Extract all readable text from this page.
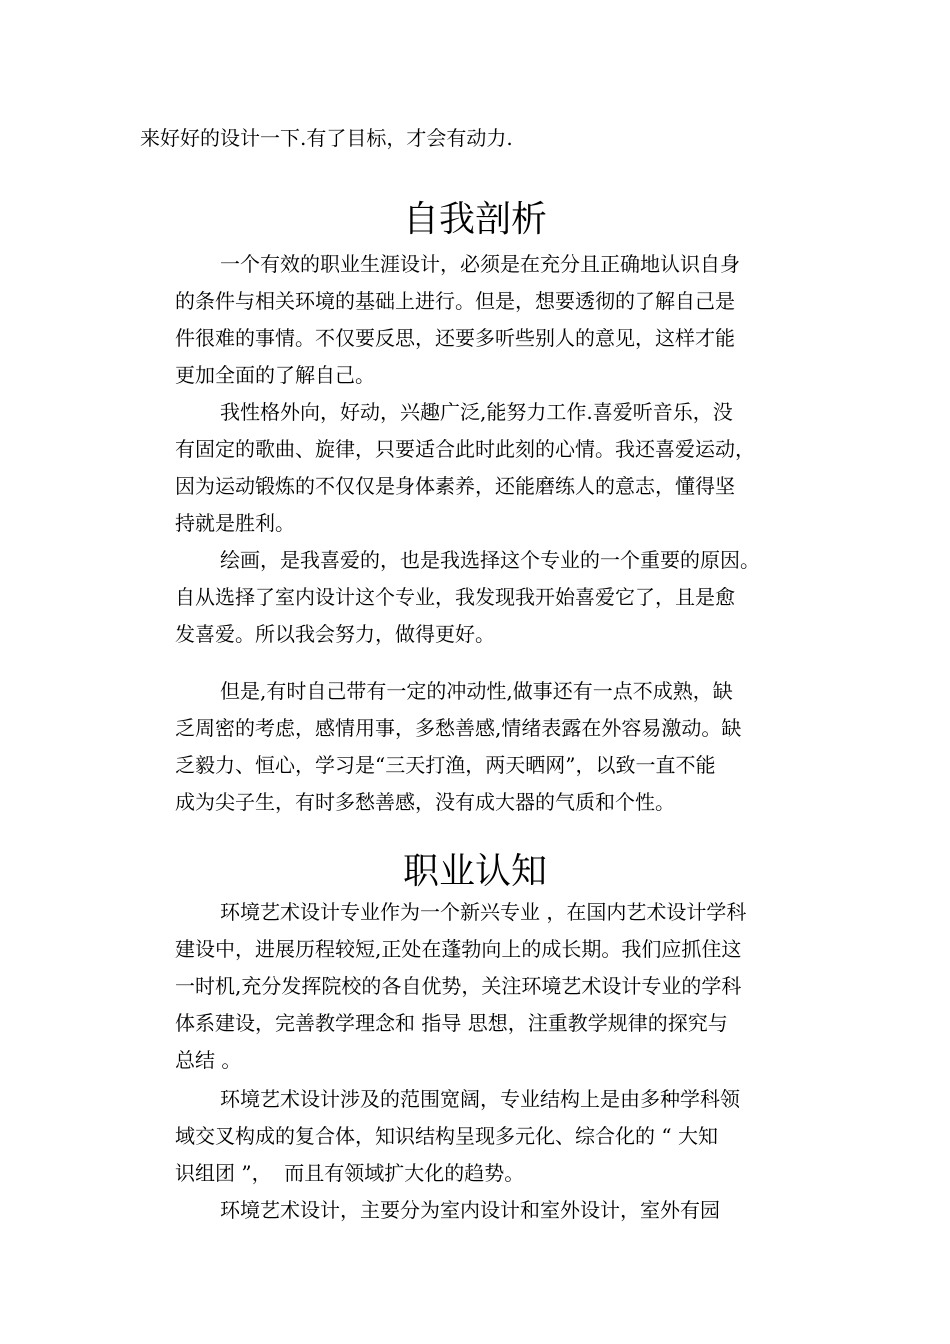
来好好的设计一下.有了目标，才会有动力.
自我剖析
一个有效的职业生涯设计，必须是在充分且正确地认识自身
的条件与相关环境的基础上进行。但是，想要透彻的了解自己是
件很难的事情。不仅要反思，还要多听些别人的意见，这样才能
更加全面的了解自己。
我性格外向，好动，兴趣广泛,能努力工作.喜爱听音乐，没
有固定的歌曲、旋律，只要适合此时此刻的心情。我还喜爱运动，
因为运动锻炼的不仅仅是身体素养，还能磨练人的意志，懂得坚
持就是胜利。
绘画，是我喜爱的，也是我选择这个专业的一个重要的原因。
自从选择了室内设计这个专业，我发现我开始喜爱它了，且是愈
发喜爱。所以我会努力，做得更好。
但是,有时自己带有一定的冲动性,做事还有一点不成熟，缺
乏周密的考虑，感情用事，多愁善感,情绪表露在外容易激动。缺
乏毅力、恒心，学习是“三天打渔，两天晒网”，以致一直不能
成为尖子生，有时多愁善感，没有成大器的气质和个性。
职业认知
环境艺术设计专业作为一个新兴专业 ，在国内艺术设计学科
建设中，进展历程较短,正处在蓬勃向上的成长期。我们应抓住这
一时机,充分发挥院校的各自优势，关注环境艺术设计专业的学科
体系建设，完善教学理念和 指导 思想，注重教学规律的探究与
总结 。
环境艺术设计涉及的范围宽阔，专业结构上是由多种学科领
域交叉构成的复合体，知识结构呈现多元化、综合化的 “ 大知
识组团 ”，  而且有领域扩大化的趋势。
环境艺术设计，主要分为室内设计和室外设计，室外有园
